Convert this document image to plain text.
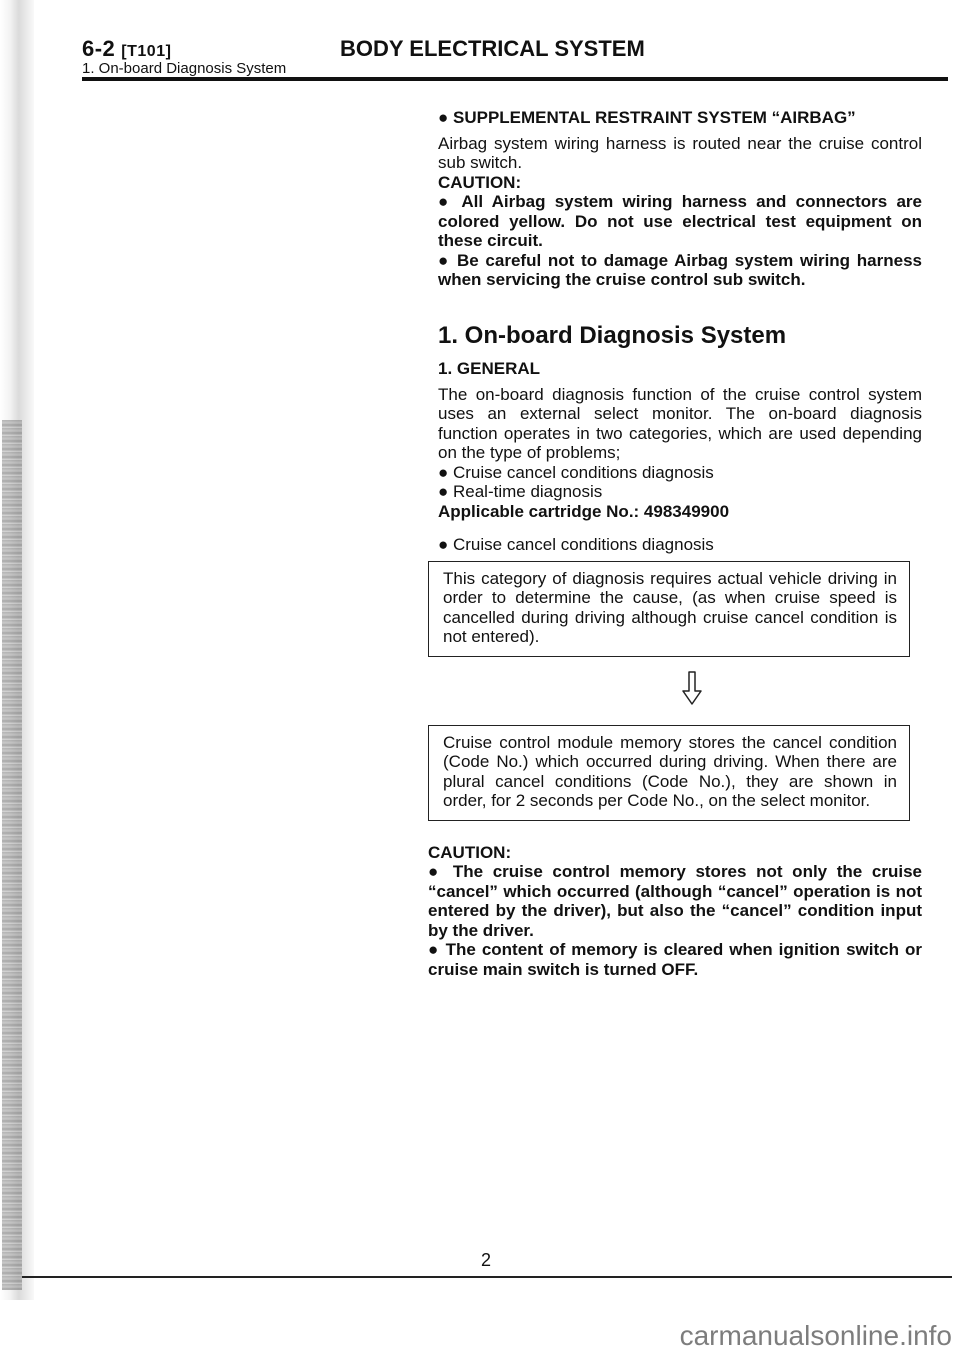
6-2 [T101]	BODY ELECTRICAL SYSTEM
1. On-board Diagnosis System

● SUPPLEMENTAL RESTRAINT SYSTEM “AIRBAG”

Airbag system wiring harness is routed near the cruise control sub switch.

CAUTION:

● All Airbag system wiring harness and connectors are colored yellow. Do not use electrical test equipment on these circuit.

● Be careful not to damage Airbag system wiring harness when servicing the cruise control sub switch.

1. On-board Diagnosis System

1. GENERAL

The on-board diagnosis function of the cruise control system uses an external select monitor. The on-board diagnosis function operates in two categories, which are used depending on the type of problems;

● Cruise cancel conditions diagnosis

● Real-time diagnosis

Applicable cartridge No.: 498349900

● Cruise cancel conditions diagnosis

This category of diagnosis requires actual vehicle driving in order to determine the cause, (as when cruise speed is cancelled during driving although cruise cancel condition is not entered).
Cruise control module memory stores the cancel condition (Code No.) which occurred during driving. When there are plural cancel conditions (Code No.), they are shown in order, for 2 seconds per Code No., on the select monitor.

CAUTION:

● The cruise control memory stores not only the cruise “cancel” which occurred (although “cancel” operation is not entered by the driver), but also the “cancel” condition input by the driver.

● The content of memory is cleared when ignition switch or cruise main switch is turned OFF.

2
carmanualsonline.info
